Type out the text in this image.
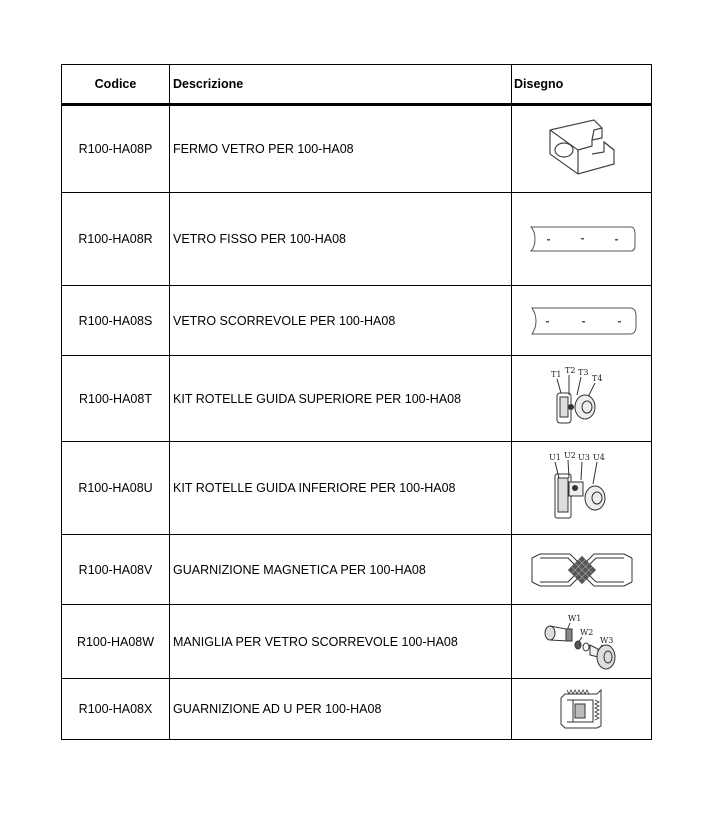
Codice	Descrizione	Disegno
R100-HA08P	FERMO VETRO PER 100-HA08	

R100-HA08R	VETRO FISSO PER 100-HA08	

R100-HA08S	VETRO SCORREVOLE PER 100-HA08	

R100-HA08T	KIT ROTELLE GUIDA SUPERIORE PER 100-HA08	T1 T2 T3
T4

R100-HA08U	KIT ROTELLE GUIDA INFERIORE PER 100-HA08	U1 U2 U3 U4

R100-HA08V	GUARNIZIONE MAGNETICA PER 100-HA08	

R100-HA08W	MANIGLIA PER VETRO SCORREVOLE 100-HA08	W1
W2
W3

R100-HA08X	GUARNIZIONE AD U PER 100-HA08	
